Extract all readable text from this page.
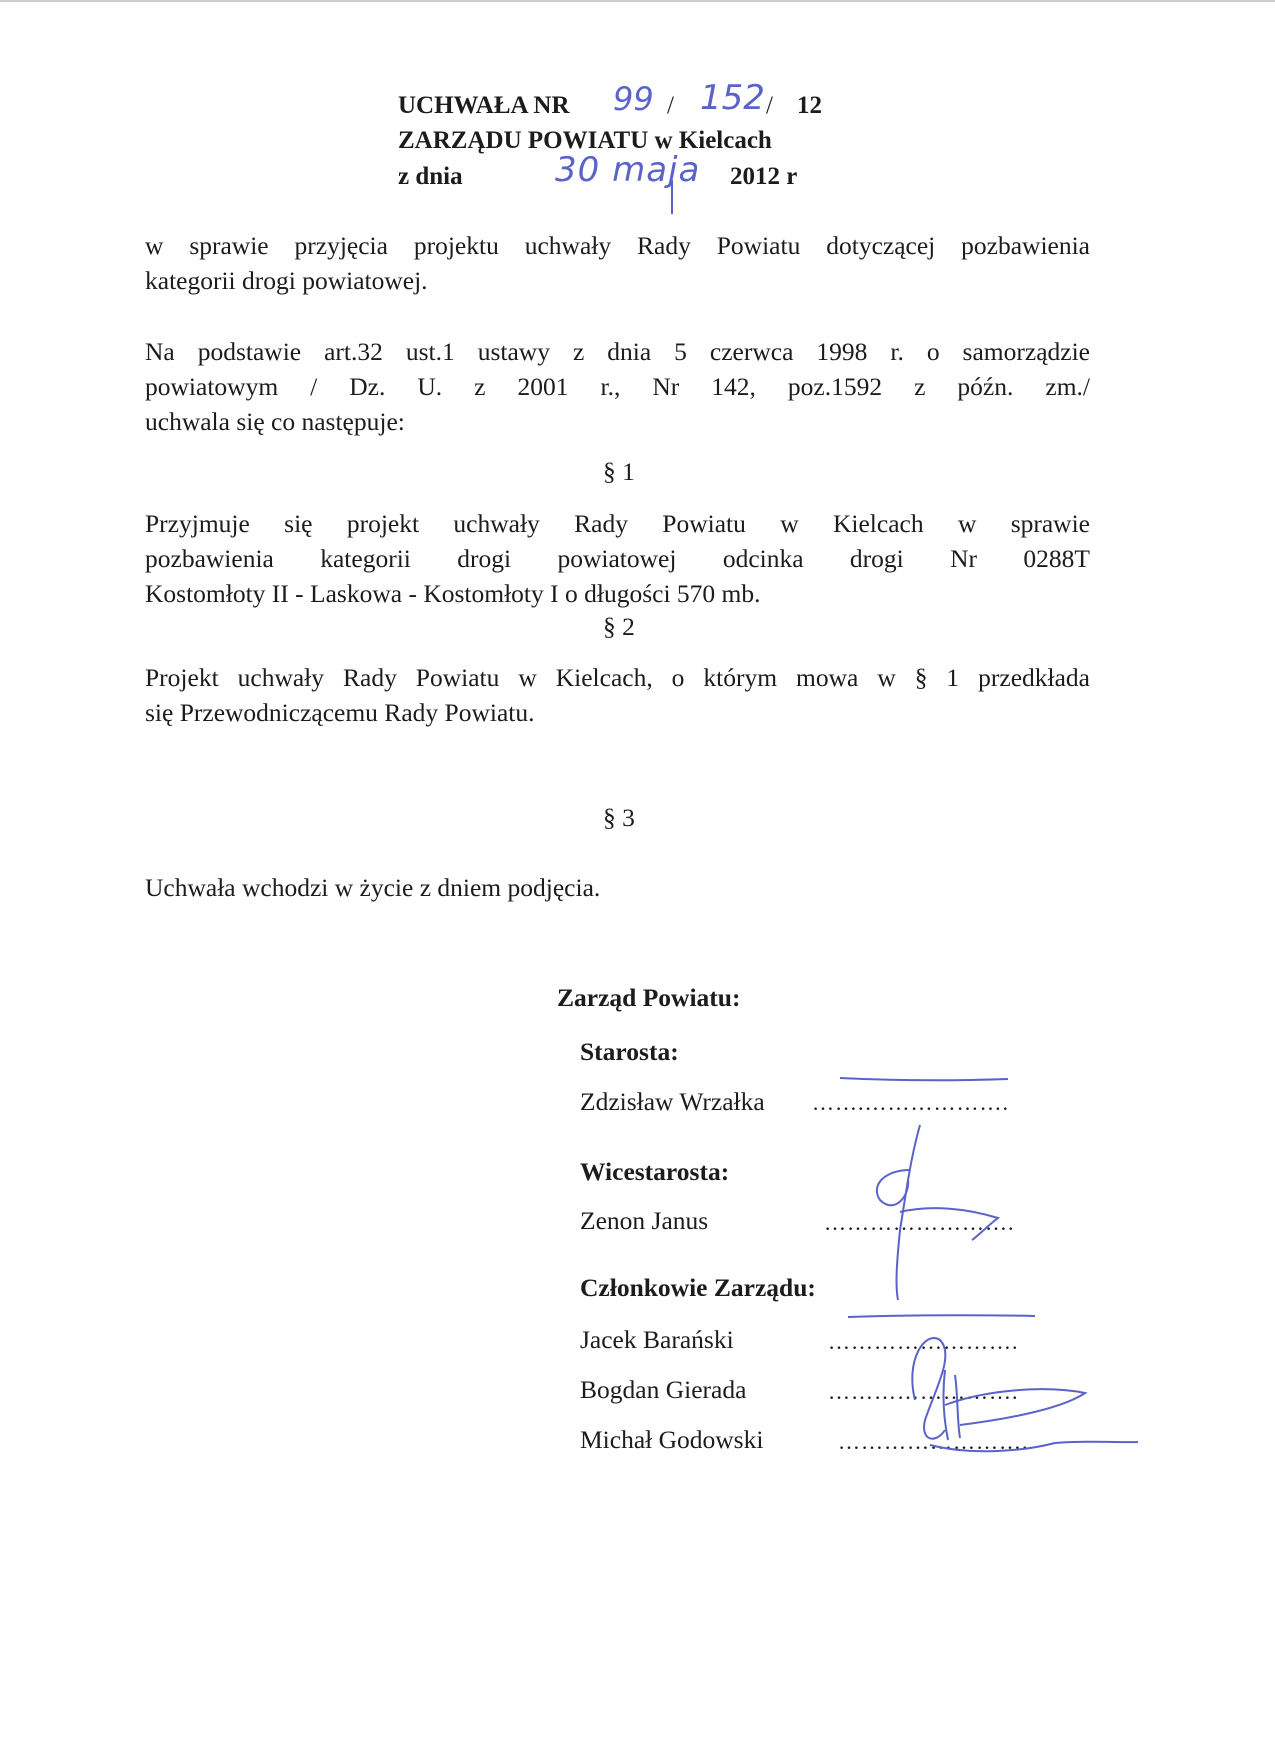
UCHWAŁA NR 99 / 152 / 12
ZARZĄDU POWIATU w Kielcach
z dnia	30 maja 2012 r
w sprawie przyjęcia projektu uchwały Rady Powiatu dotyczącej pozbawienia
kategorii drogi powiatowej.
Na podstawie art.32 ust.1 ustawy z dnia 5 czerwca 1998 r. o samorządzie
powiatowym / Dz. U. z 2001 r., Nr 142, poz.1592 z późn. zm./
uchwala się co następuje:
§ 1
Przyjmuje się projekt uchwały Rady Powiatu w Kielcach w sprawie
pozbawienia kategorii drogi powiatowej odcinka drogi Nr 0288T
Kostomłoty II - Laskowa - Kostomłoty I o długości 570 mb.
§ 2
Projekt uchwały Rady Powiatu w Kielcach, o którym mowa w § 1 przedkłada
się Przewodniczącemu Rady Powiatu.
§ 3
Uchwała wchodzi w życie z dniem podjęcia.
Zarząd Powiatu:
Starosta:
Zdzisław Wrzałka …….……………….
Wicestarosta:
Zenon Janus	…………………….
Członkowie Zarządu:
Jacek Barański	…………………….
Bogdan Gierada	…………………….
Michał Godowski	…………………….
